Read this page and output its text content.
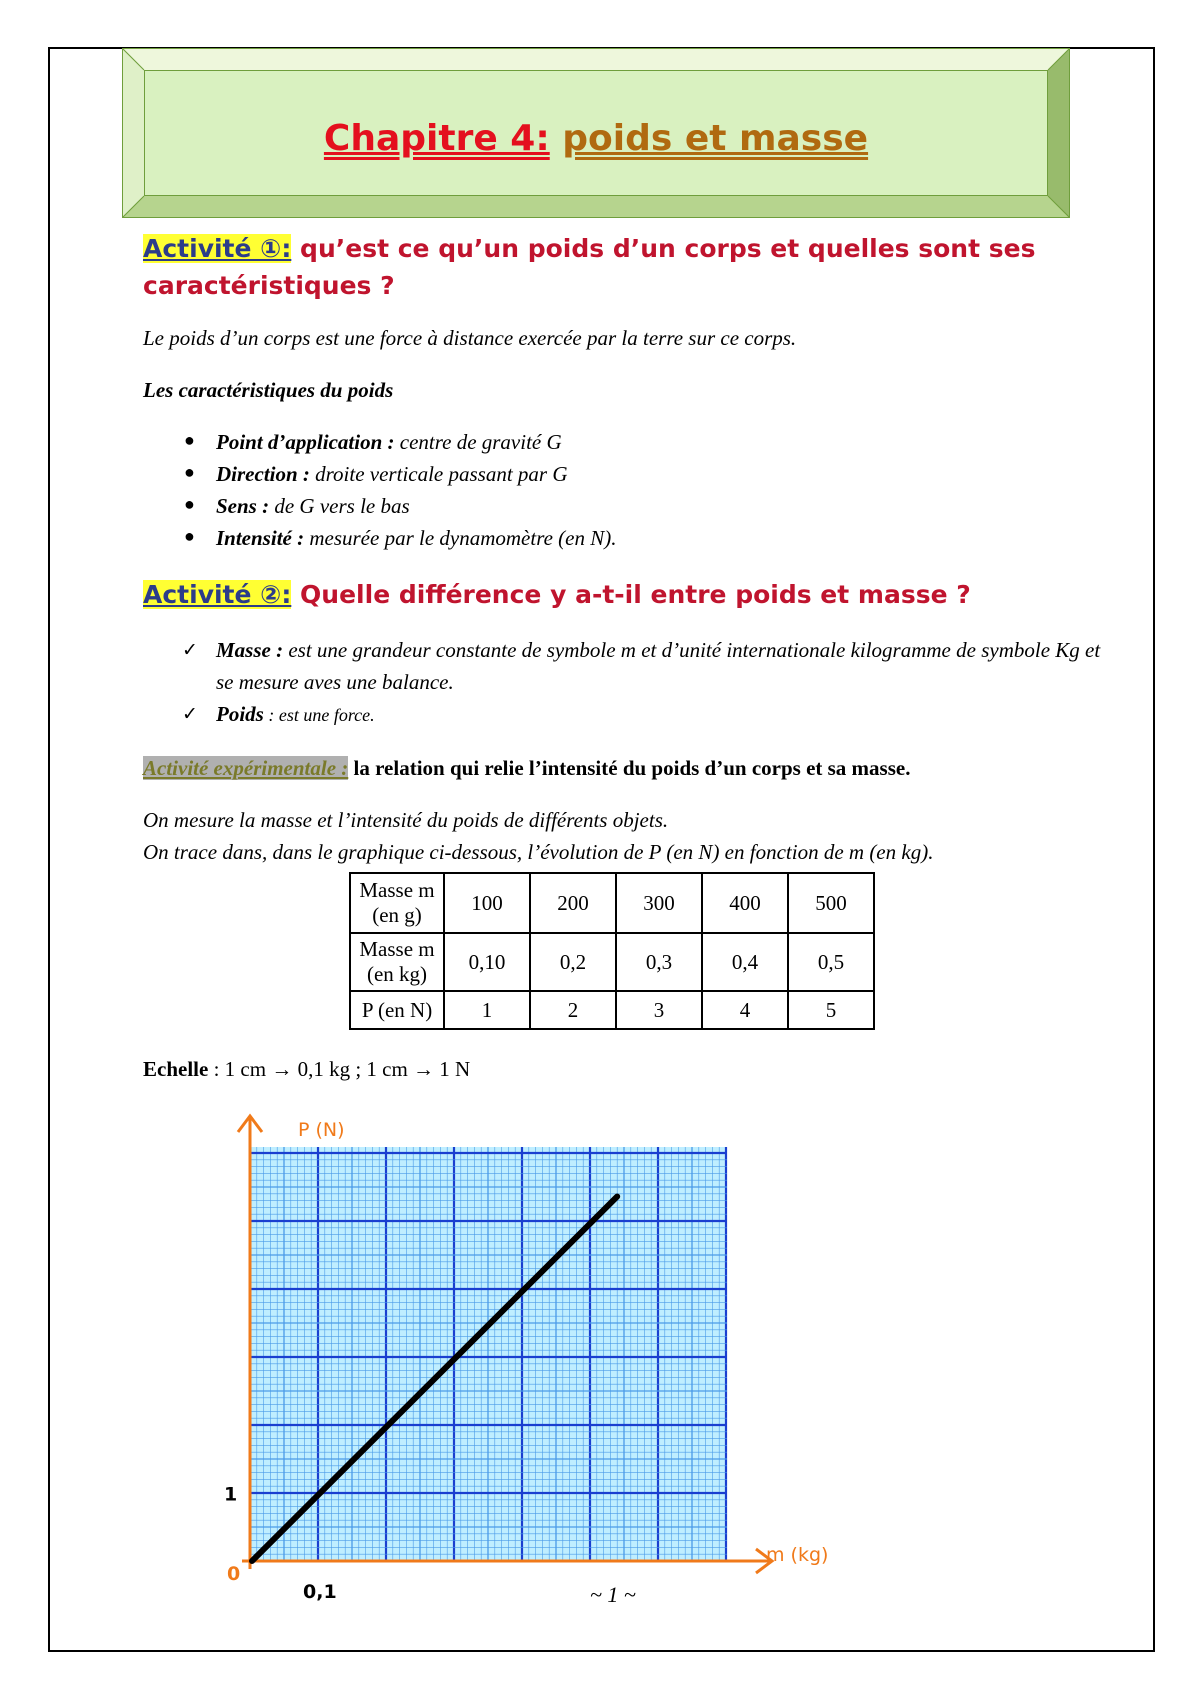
Chapitre 4: poids et masse
Activité ①: qu’est ce qu’un poids d’un corps et quelles sont ses caractéristiques ?
Le poids d’un corps est une force à distance exercée par la terre sur ce corps.
Les caractéristiques du poids
● Point d’application : centre de gravité G
● Direction : droite verticale passant par G
● Sens : de G vers le bas
● Intensité : mesurée par le dynamomètre (en N).
Activité ②: Quelle différence y a-t-il entre poids et masse ?
✓ Masse : est une grandeur constante de symbole m et d’unité internationale kilogramme de symbole Kg et se mesure aves une balance.
✓ Poids : est une force.
Activité expérimentale : la relation qui relie l’intensité du poids d’un corps et sa masse.
On mesure la masse et l’intensité du poids de différents objets.
On trace dans, dans le graphique ci-dessous, l’évolution de P (en N) en fonction de m (en kg).
Masse m (en g)	100	200	300	400	500
Masse m (en kg)	0,10	0,2	0,3	0,4	0,5
P (en N)	1	2	3	4	5
Echelle : 1 cm → 0,1 kg ; 1 cm → 1 N
P (N)
m (kg)
1
0
0,1	~ 1 ~
